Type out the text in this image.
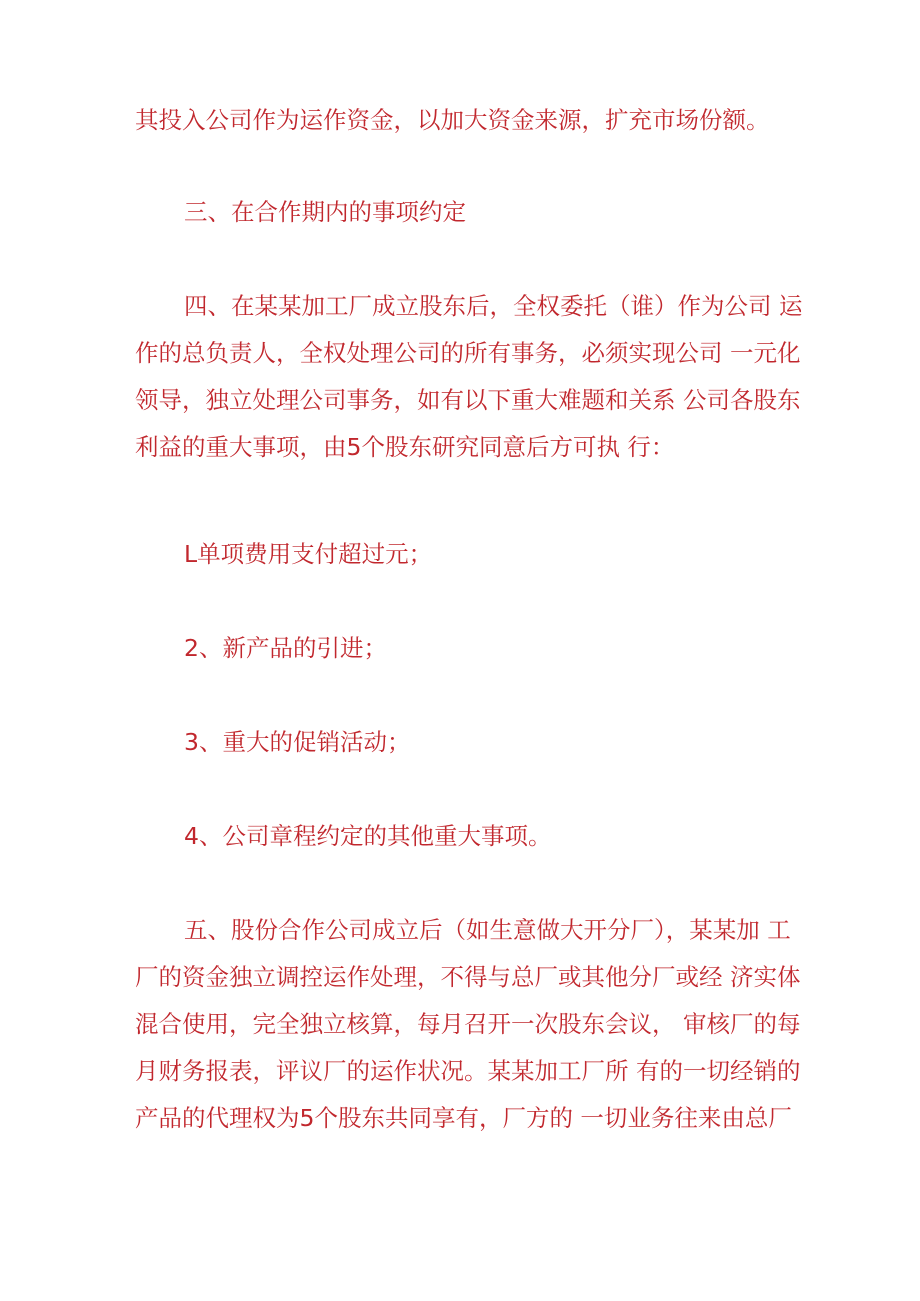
其投入公司作为运作资金，以加大资金来源，扩充市场份额。

三、在合作期内的事项约定

四、在某某加工厂成立股东后，全权委托（谁）作为公司 运
作的总负责人，全权处理公司的所有事务，必须实现公司 一元化
领导，独立处理公司事务，如有以下重大难题和关系 公司各股东
利益的重大事项，由5个股东研究同意后方可执 行：

L单项费用支付超过元；

2、新产品的引进；

3、重大的促销活动；

4、公司章程约定的其他重大事项。

五、股份合作公司成立后（如生意做大开分厂），某某加 工
厂的资金独立调控运作处理，不得与总厂或其他分厂或经 济实体
混合使用，完全独立核算，每月召开一次股东会议， 审核厂的每
月财务报表，评议厂的运作状况。某某加工厂所 有的一切经销的
产品的代理权为5个股东共同享有，厂方的 一切业务往来由总厂
